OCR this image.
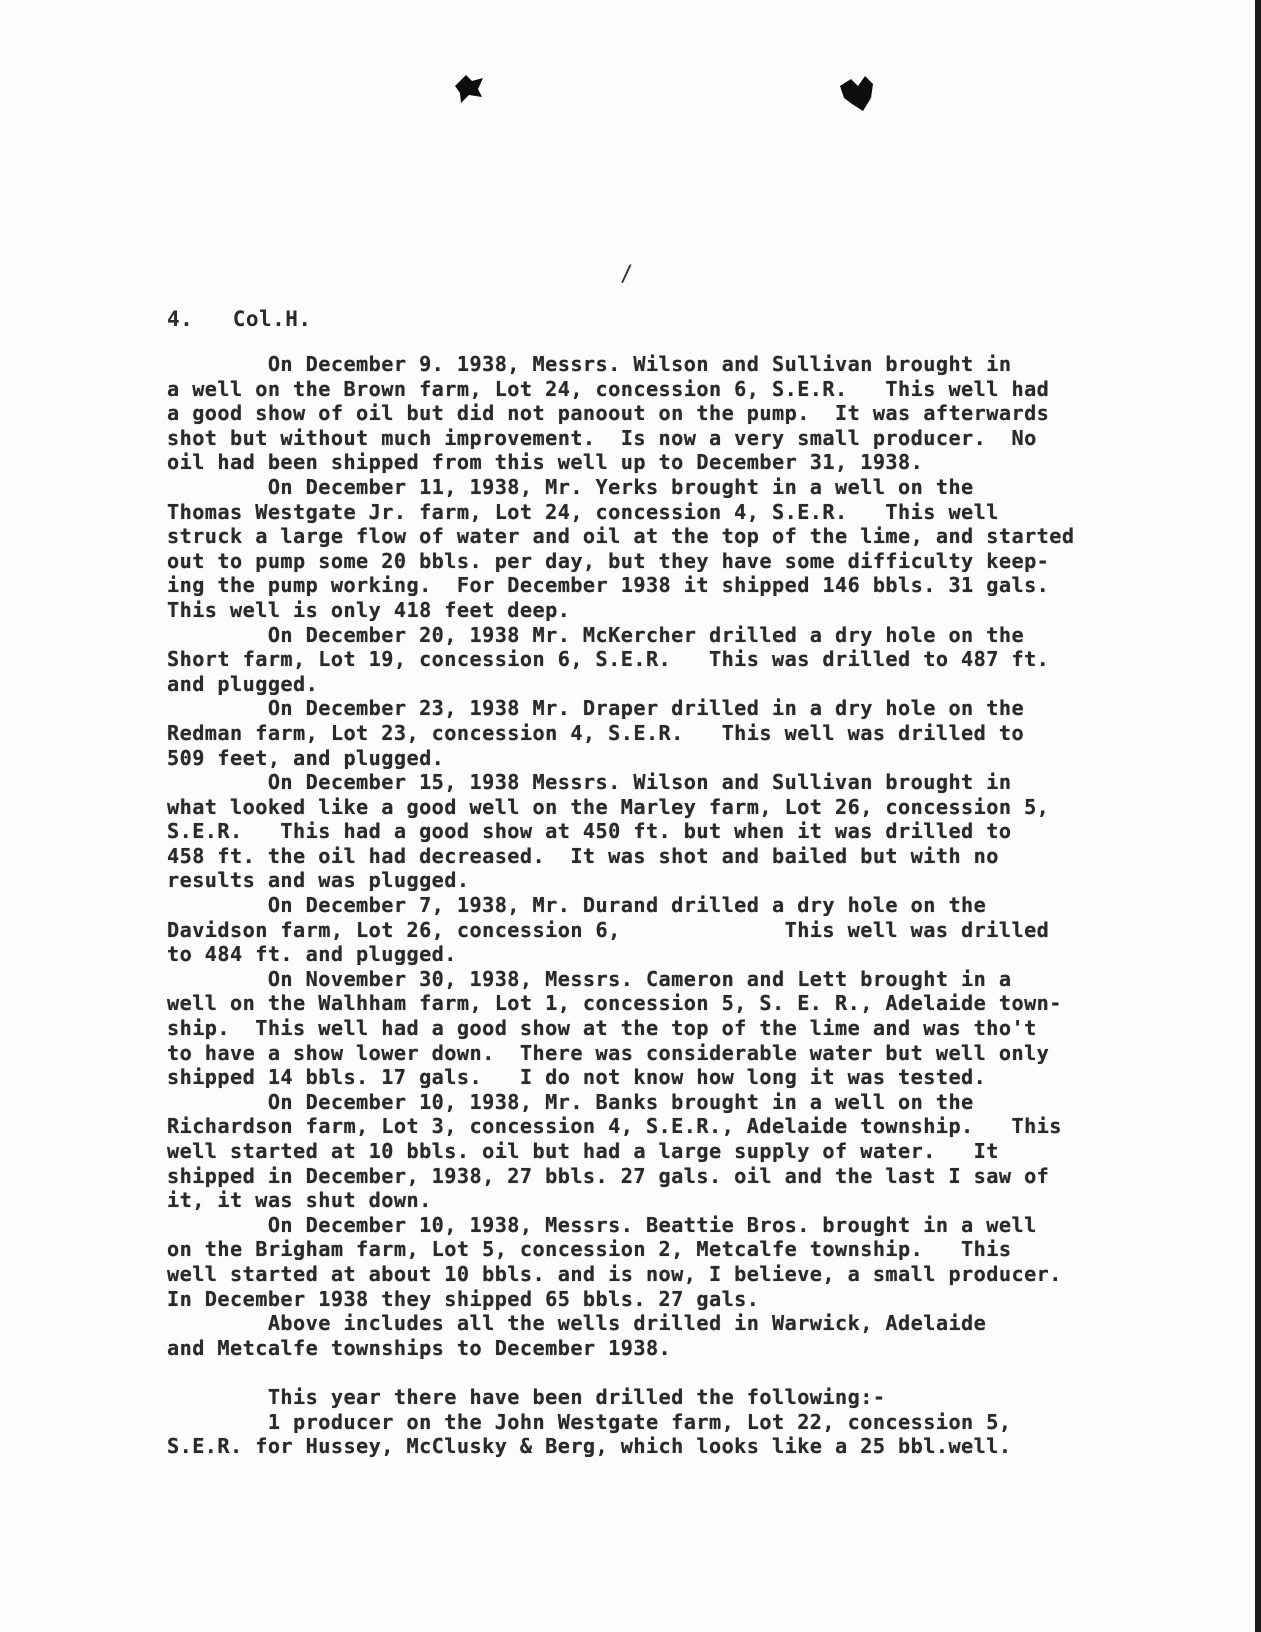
/
4.   Col.H.
On December 9. 1938, Messrs. Wilson and Sullivan brought in
a well on the Brown farm, Lot 24, concession 6, S.E.R.   This well had
a good show of oil but did not panoout on the pump.  It was afterwards
shot but without much improvement.  Is now a very small producer.  No
oil had been shipped from this well up to December 31, 1938.
On December 11, 1938, Mr. Yerks brought in a well on the
Thomas Westgate Jr. farm, Lot 24, concession 4, S.E.R.   This well
struck a large flow of water and oil at the top of the lime, and started
out to pump some 20 bbls. per day, but they have some difficulty keep-
ing the pump working.  For December 1938 it shipped 146 bbls. 31 gals.
This well is only 418 feet deep.
On December 20, 1938 Mr. McKercher drilled a dry hole on the
Short farm, Lot 19, concession 6, S.E.R.   This was drilled to 487 ft.
and plugged.
On December 23, 1938 Mr. Draper drilled in a dry hole on the
Redman farm, Lot 23, concession 4, S.E.R.   This well was drilled to
509 feet, and plugged.
On December 15, 1938 Messrs. Wilson and Sullivan brought in
what looked like a good well on the Marley farm, Lot 26, concession 5,
S.E.R.   This had a good show at 450 ft. but when it was drilled to
458 ft. the oil had decreased.  It was shot and bailed but with no
results and was plugged.
On December 7, 1938, Mr. Durand drilled a dry hole on the
Davidson farm, Lot 26, concession 6,             This well was drilled
to 484 ft. and plugged.
On November 30, 1938, Messrs. Cameron and Lett brought in a
well on the Walhham farm, Lot 1, concession 5, S. E. R., Adelaide town-
ship.  This well had a good show at the top of the lime and was tho't
to have a show lower down.  There was considerable water but well only
shipped 14 bbls. 17 gals.   I do not know how long it was tested.
On December 10, 1938, Mr. Banks brought in a well on the
Richardson farm, Lot 3, concession 4, S.E.R., Adelaide township.   This
well started at 10 bbls. oil but had a large supply of water.   It
shipped in December, 1938, 27 bbls. 27 gals. oil and the last I saw of
it, it was shut down.
On December 10, 1938, Messrs. Beattie Bros. brought in a well
on the Brigham farm, Lot 5, concession 2, Metcalfe township.   This
well started at about 10 bbls. and is now, I believe, a small producer.
In December 1938 they shipped 65 bbls. 27 gals.
Above includes all the wells drilled in Warwick, Adelaide
and Metcalfe townships to December 1938.
This year there have been drilled the following:-
1 producer on the John Westgate farm, Lot 22, concession 5,
S.E.R. for Hussey, McClusky & Berg, which looks like a 25 bbl.well.
